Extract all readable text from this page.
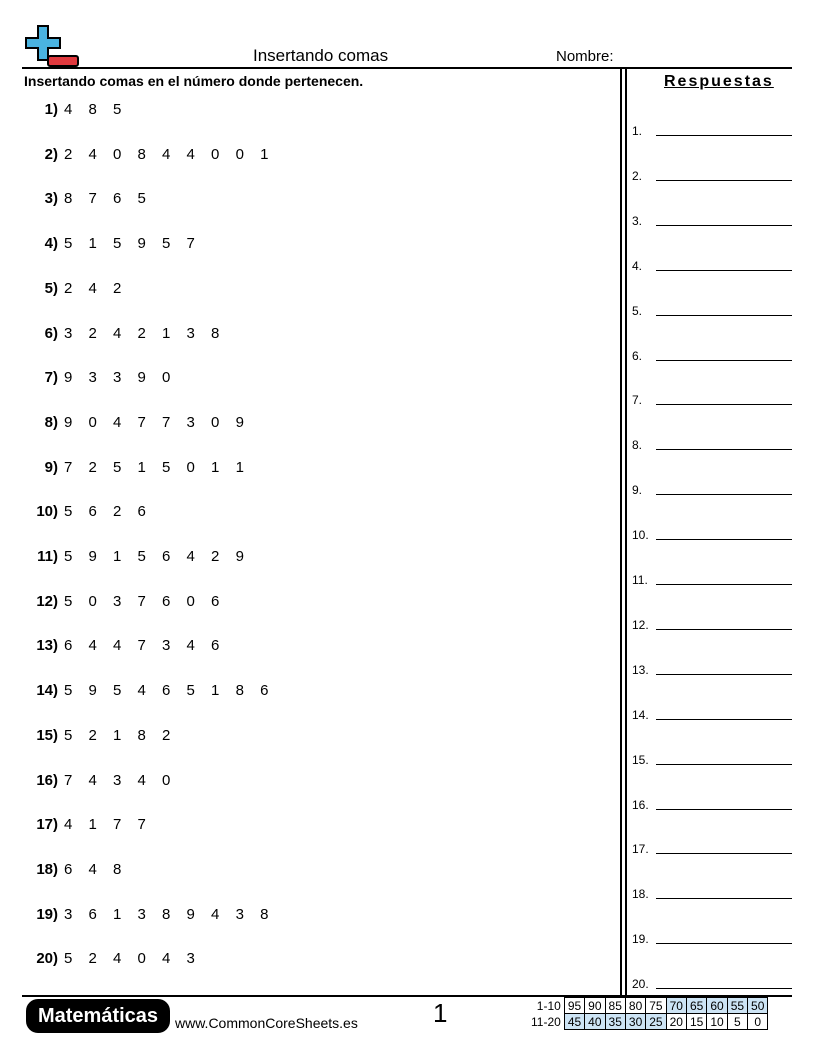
Insertando comas	Nombre:
Insertando comas en el número donde pertenecen.	Respuestas
1) 4 8 5
2) 2 4 0 8 4 4 0 0 1
3) 8 7 6 5
4) 5 1 5 9 5 7
5) 2 4 2
6) 3 2 4 2 1 3 8
7) 9 3 3 9 0
8) 9 0 4 7 7 3 0 9
9) 7 2 5 1 5 0 1 1
10) 5 6 2 6
11) 5 9 1 5 6 4 2 9
12) 5 0 3 7 6 0 6
13) 6 4 4 7 3 4 6
14) 5 9 5 4 6 5 1 8 6
15) 5 2 1 8 2
16) 7 4 3 4 0
17) 4 1 7 7
18) 6 4 8
19) 3 6 1 3 8 9 4 3 8
20) 5 2 4 0 4 3
1.
2.
3.
4.
5.
6.
7.
8.
9.
10.
11.
12.
13.
14.
15.
16.
17.
18.
19.
20.
Matemáticas	www.CommonCoreSheets.es	1	1-10	95	90	85	80	75	70	65	60	55	50
11-20	45	40	35	30	25	20	15	10	5	0
